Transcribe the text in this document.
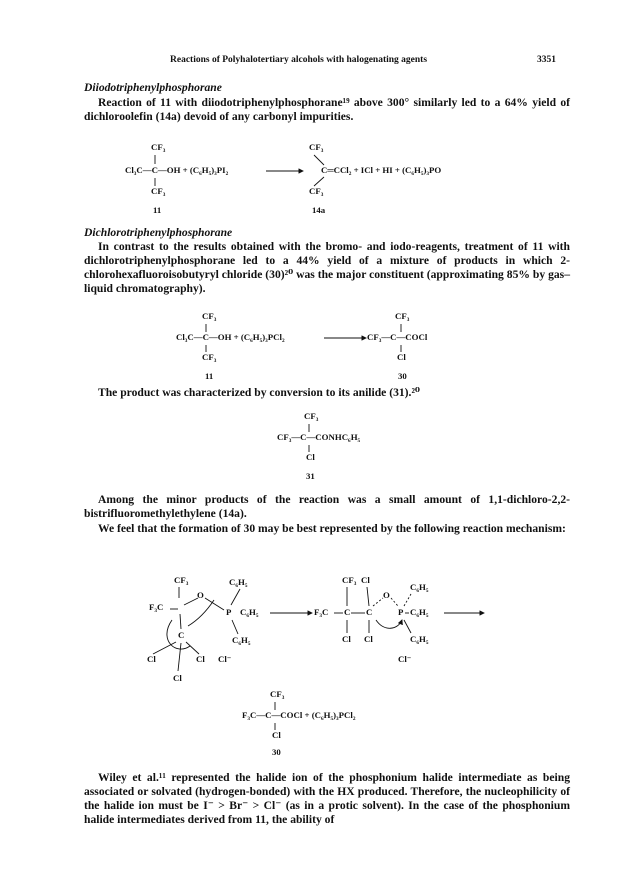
Reactions of Polyhalotertiary alcohols with halogenating agents	3351
Diiodotriphenylphosphorane
Reaction of 11 with diiodotriphenylphosphorane¹⁹ above 300° similarly led to a 64% yield of dichloroolefin (14a) devoid of any carbonyl impurities.
CF₃
Cl₃C—C—OH + (C₆H₅)₃PI₂
CF₃
11
CF₃
C═CCl₂ + ICl + HI + (C₆H₅)₃PO
CF₃
14a
Dichlorotriphenylphosphorane
In contrast to the results obtained with the bromo- and iodo-reagents, treatment of 11 with dichlorotriphenylphosphorane led to a 44% yield of a mixture of products in which 2-chlorohexafluoroisobutyryl chloride (30)²⁰ was the major constituent (approximating 85% by gas–liquid chromatography).
CF₃
Cl₃C—C—OH + (C₆H₅)₃PCl₂
CF₃
11
CF₃
CF₃—C—COCl
Cl
30
The product was characterized by conversion to its anilide (31).²⁰
CF₃
CF₃—C—CONHC₆H₅
Cl
31
Among the minor products of the reaction was a small amount of 1,1-dichloro-2,2-bistrifluoromethylethylene (14a).
We feel that the formation of 30 may be best represented by the following reaction mechanism:
CF₃
F₃C
O
C
Cl	Cl
Cl
Cl⁻
P
C₆H₅
C₆H₅
C₆H₅
CF₃ Cl
F₃C C C
O
P
Cl Cl
Cl⁻
C₆H₅
C₆H₅
C₆H₅
CF₃
F₃C—C—COCl + (C₆H₅)₃PCl₂
Cl
30
Wiley et al.¹¹ represented the halide ion of the phosphonium halide intermediate as being associated or solvated (hydrogen-bonded) with the HX produced. Therefore, the nucleophilicity of the halide ion must be I⁻ > Br⁻ > Cl⁻ (as in a protic solvent). In the case of the phosphonium halide intermediates derived from 11, the ability of
